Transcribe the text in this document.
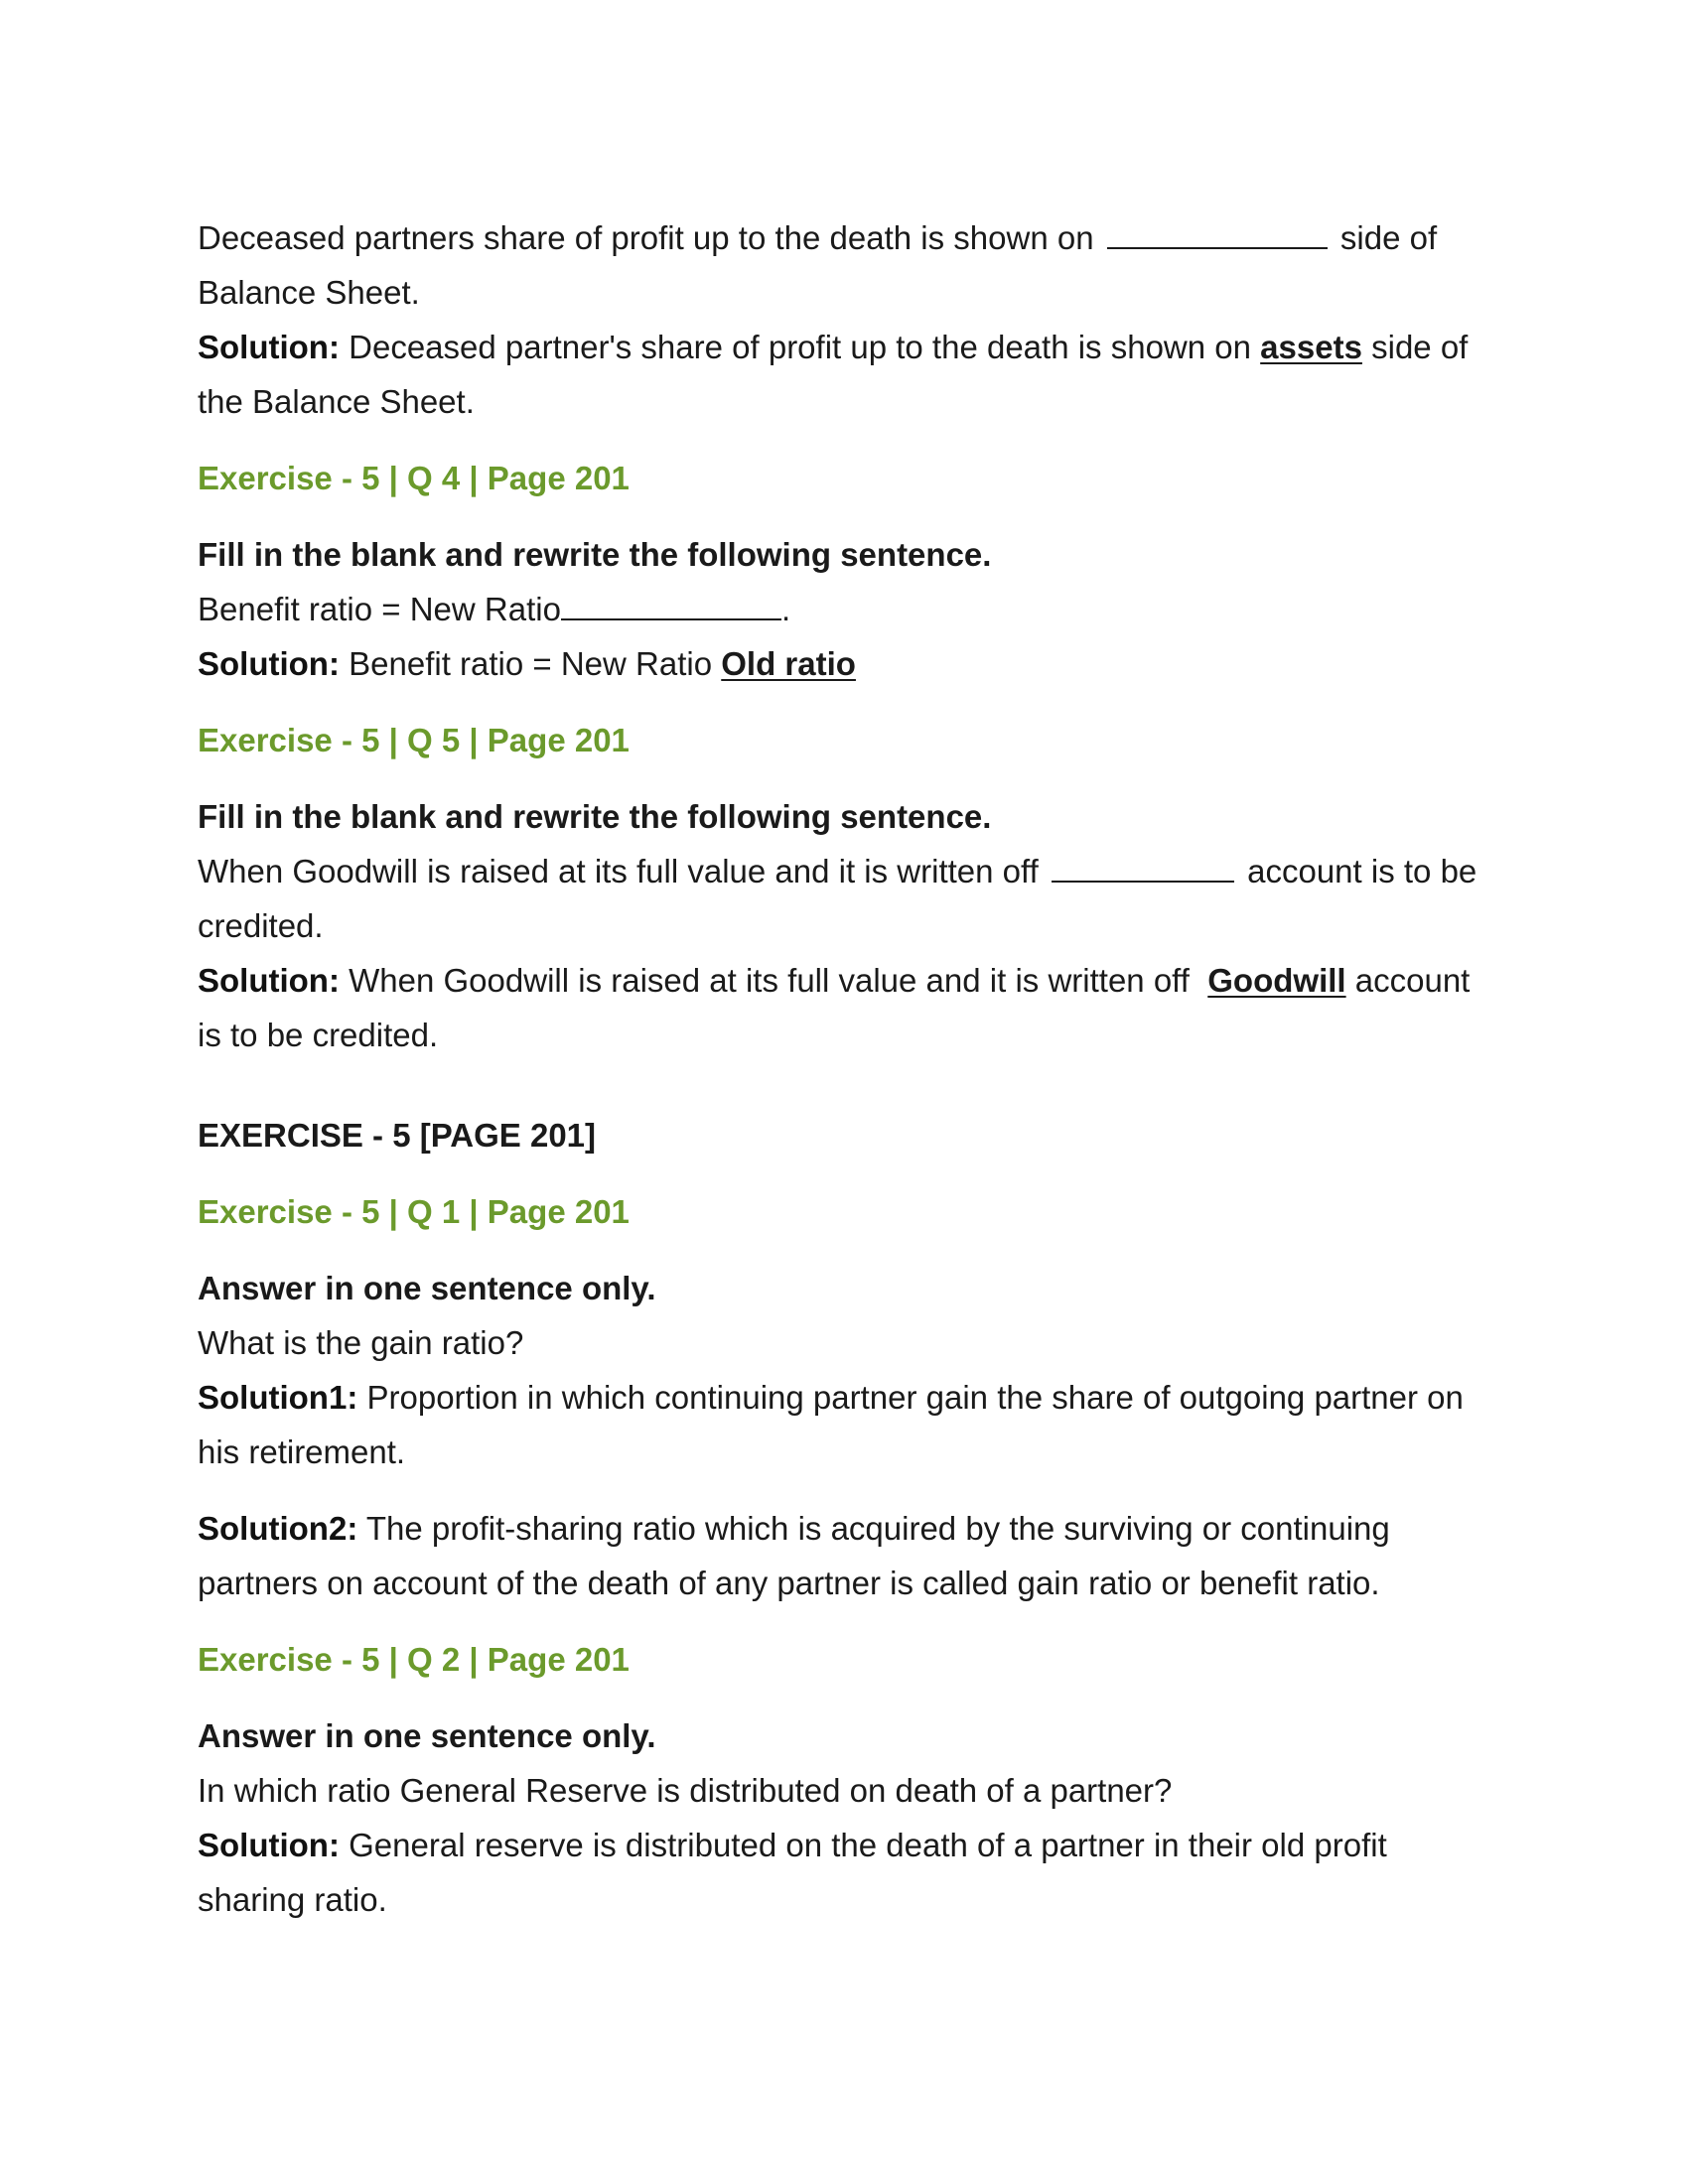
Deceased partners share of profit up to the death is shown on	side of
Balance Sheet.

Solution: Deceased partner's share of profit up to the death is shown on assets side of
the Balance Sheet.

Exercise - 5 | Q 4 | Page 201

Fill in the blank and rewrite the following sentence.

Benefit ratio = New Ratio	.

Solution: Benefit ratio = New Ratio Old ratio

Exercise - 5 | Q 5 | Page 201

Fill in the blank and rewrite the following sentence.

When Goodwill is raised at its full value and it is written off	account is to be
credited.

Solution: When Goodwill is raised at its full value and it is written off Goodwill account
is to be credited.

EXERCISE - 5 [PAGE 201]

Exercise - 5 | Q 1 | Page 201

Answer in one sentence only.

What is the gain ratio?

Solution1: Proportion in which continuing partner gain the share of outgoing partner on
his retirement.

Solution2: The profit-sharing ratio which is acquired by the surviving or continuing
partners on account of the death of any partner is called gain ratio or benefit ratio.

Exercise - 5 | Q 2 | Page 201

Answer in one sentence only.

In which ratio General Reserve is distributed on death of a partner?

Solution: General reserve is distributed on the death of a partner in their old profit
sharing ratio.
